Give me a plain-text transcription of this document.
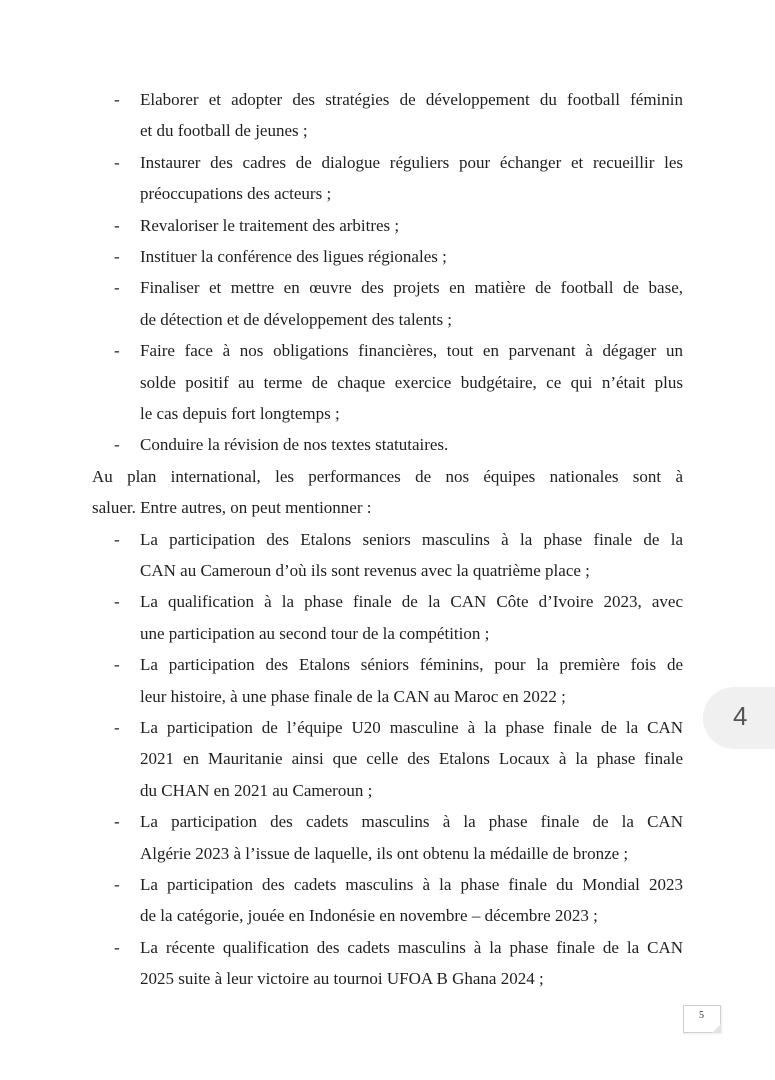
- Elaborer et adopter des stratégies de développement du football féminin
et du football de jeunes ;
- Instaurer des cadres de dialogue réguliers pour échanger et recueillir les
préoccupations des acteurs ;
- Revaloriser le traitement des arbitres ;
- Instituer la conférence des ligues régionales ;
- Finaliser et mettre en œuvre des projets en matière de football de base,
de détection et de développement des talents ;
- Faire face à nos obligations financières, tout en parvenant à dégager un
solde positif au terme de chaque exercice budgétaire, ce qui n’était plus
le cas depuis fort longtemps ;
- Conduire la révision de nos textes statutaires.
Au plan international, les performances de nos équipes nationales sont à
saluer. Entre autres, on peut mentionner :
- La participation des Etalons seniors masculins à la phase finale de la
CAN au Cameroun d’où ils sont revenus avec la quatrième place ;
- La qualification à la phase finale de la CAN Côte d’Ivoire 2023, avec
une participation au second tour de la compétition ;
- La participation des Etalons séniors féminins, pour la première fois de
leur histoire, à une phase finale de la CAN au Maroc en 2022 ;
- La participation de l’équipe U20 masculine à la phase finale de la CAN
2021 en Mauritanie ainsi que celle des Etalons Locaux à la phase finale
du CHAN en 2021 au Cameroun ;
- La participation des cadets masculins à la phase finale de la CAN
Algérie 2023 à l’issue de laquelle, ils ont obtenu la médaille de bronze ;
- La participation des cadets masculins à la phase finale du Mondial 2023
de la catégorie, jouée en Indonésie en novembre – décembre 2023 ;
- La récente qualification des cadets masculins à la phase finale de la CAN
2025 suite à leur victoire au tournoi UFOA B Ghana 2024 ;
5
4
